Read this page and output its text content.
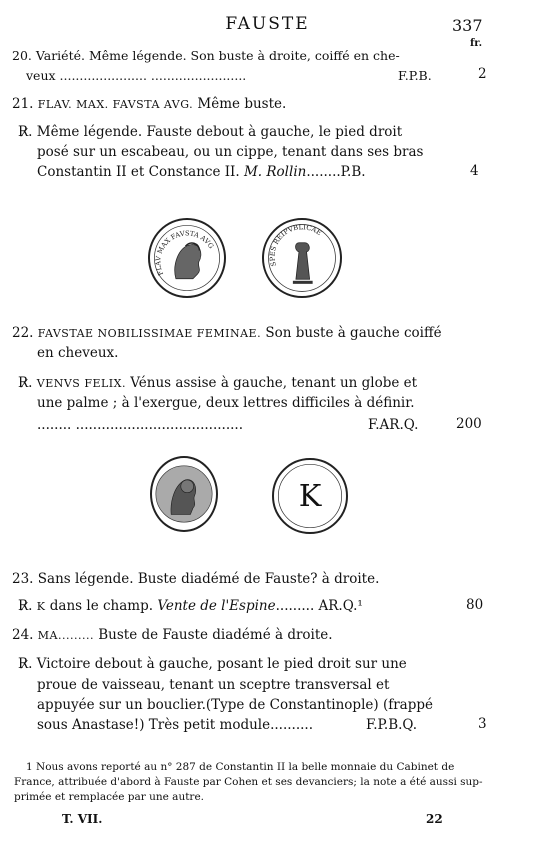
FAUSTE	337
fr.
20. Variété. Même légende. Son buste à droite, coiffé en che-
veux ...................... ........................	F.P.B.	2
21. FLAV. MAX. FAVSTA AVG. Même buste.
R̷. Même légende. Fauste debout à gauche, le pied droit
posé sur un escabeau, ou un cippe, tenant dans ses bras
Constantin II et Constance II. M. Rollin........P.B.	4
FLAV MAX FAVSTA AVG
SPES REIPVBLICAE
22. FAVSTAE NOBILISSIMAE FEMINAE. Son buste à gauche coiffé
en cheveux.
R̷. VENVS FELIX. Vénus assise à gauche, tenant un globe et
une palme ; à l'exergue, deux lettres difficiles à définir.
........ .......................................	F.AR.Q.	200
K
23. Sans légende. Buste diadémé de Fauste? à droite.
R̷. K dans le champ. Vente de l'Espine......... AR.Q.¹	80
24. MA......... Buste de Fauste diadémé à droite.
R̷. Victoire debout à gauche, posant le pied droit sur une
proue de vaisseau, tenant un sceptre transversal et
appuyée sur un bouclier.(Type de Constantinople) (frappé
sous Anastase!) Très petit module..........	F.P.B.Q.	3
1 Nous avons reporté au n° 287 de Constantin II la belle monnaie du Cabinet de
France, attribuée d'abord à Fauste par Cohen et ses devanciers; la note a été aussi sup-
primée et remplacée par une autre.
T. VII.	22
